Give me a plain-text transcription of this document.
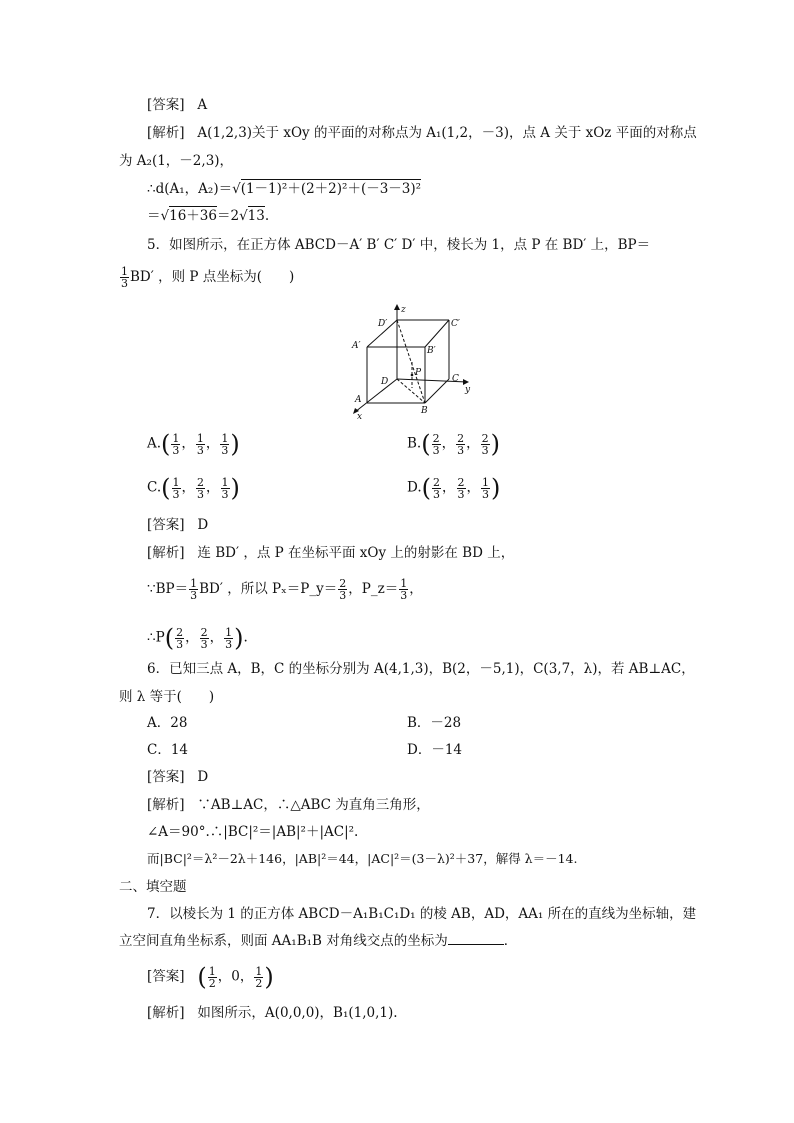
[答案] A
[解析] A(1,2,3)关于 xOy 的平面的对称点为 A₁(1,2，－3)，点 A 关于 xOz 平面的对称点
为 A₂(1，－2,3)，
∴d(A₁，A₂)＝√(1－1)²＋(2＋2)²＋(－3－3)²
＝√16＋36＝2√13.
5．如图所示，在正方体 ABCD－A′ B′ C′ D′ 中，棱长为 1，点 P 在 BD′ 上，BP＝
$\frac{1}{3} BD'$ ，则 P 点坐标为(　　)
z
y
x
D′	C′
A′	B′
D	C
A
B
P
$A.( \frac{1}{3}$ ， $\frac{1}{3}$ ， $\frac{1}{3}$ )	$B.( \frac{2}{3}$ ， $\frac{2}{3}$ ， $\frac{2}{3}$ )
$C.( \frac{1}{3}$ ， $\frac{2}{3}$ ， $\frac{1}{3}$ )	$D.( \frac{2}{3}$ ， $\frac{2}{3}$ ， $\frac{1}{3}$ )
[答案] D
[解析] 连 BD′ ，点 P 在坐标平面 xOy 上的射影在 BD 上，
∵BP＝ $\frac{1}{3} BD'$ ，所以 Pₓ＝P_y＝ $\frac{2}{3}$ ，P_z＝ $\frac{1}{3}$ ，
∴P( $\frac{2}{3}$ ， $\frac{2}{3}$ ， $\frac{1}{3}$ ).
6．已知三点 A，B，C 的坐标分别为 A(4,1,3)，B(2，－5,1)，C(3,7，λ)，若 AB⊥AC，
则 λ 等于(　　)
A．28	B．－28
C．14	D．－14
[答案] D
[解析] ∵AB⊥AC，∴△ABC 为直角三角形，
∠A＝90°.∴|BC|²＝|AB|²＋|AC|².
而|BC|²＝λ²－2λ＋146，|AB|²＝44，|AC|²＝(3－λ)²＋37，解得 λ＝－14.
二、填空题
7．以棱长为 1 的正方体 ABCD－A₁B₁C₁D₁ 的棱 AB，AD，AA₁ 所在的直线为坐标轴，建
立空间直角坐标系，则面 AA₁B₁B 对角线交点的坐标为	．
[答案] ( $\frac{1}{2}$ ，0， $\frac{1}{2}$ )
[解析] 如图所示，A(0,0,0)，B₁(1,0,1).
